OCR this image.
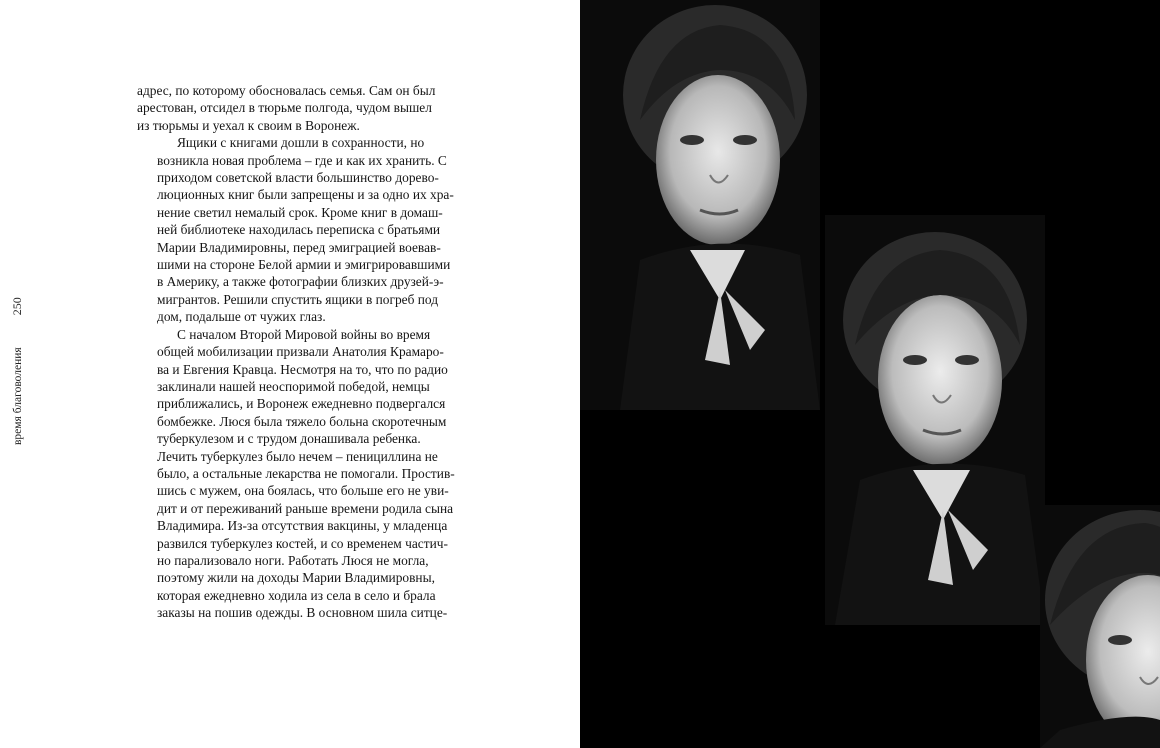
время благоволения
250

адрес, по которому обосновалась семья. Сам он был
арестован, отсидел в тюрьме полгода, чудом вышел
из тюрьмы и уехал к своим в Воронеж.

Ящики с книгами дошли в сохранности, но
возникла новая проблема – где и как их хранить. С
приходом советской власти большинство дорево-
люционных книг были запрещены и за одно их хра-
нение светил немалый срок. Кроме книг в домаш-
ней библиотеке находилась переписка с братьями
Марии Владимировны, перед эмиграцией воевав-
шими на стороне Белой армии и эмигрировавшими
в Америку, а также фотографии близких друзей-э-
мигрантов. Решили спустить ящики в погреб под
дом, подальше от чужих глаз.

С началом Второй Мировой войны во время
общей мобилизации призвали Анатолия Крамаро-
ва и Евгения Кравца. Несмотря на то, что по радио
заклинали нашей неоспоримой победой, немцы
приближались, и Воронеж ежедневно подвергался
бомбежке. Люся была тяжело больна скоротечным
туберкулезом и с трудом донашивала ребенка.
Лечить туберкулез было нечем – пенициллина не
было, а остальные лекарства не помогали. Простив-
шись с мужем, она боялась, что больше его не уви-
дит и от переживаний раньше времени родила сына
Владимира. Из-за отсутствия вакцины, у младенца
развился туберкулез костей, и со временем частич-
но парализовало ноги. Работать Люся не могла,
поэтому жили на доходы Марии Владимировны,
которая ежедневно ходила из села в село и брала
заказы на пошив одежды. В основном шила ситце-
